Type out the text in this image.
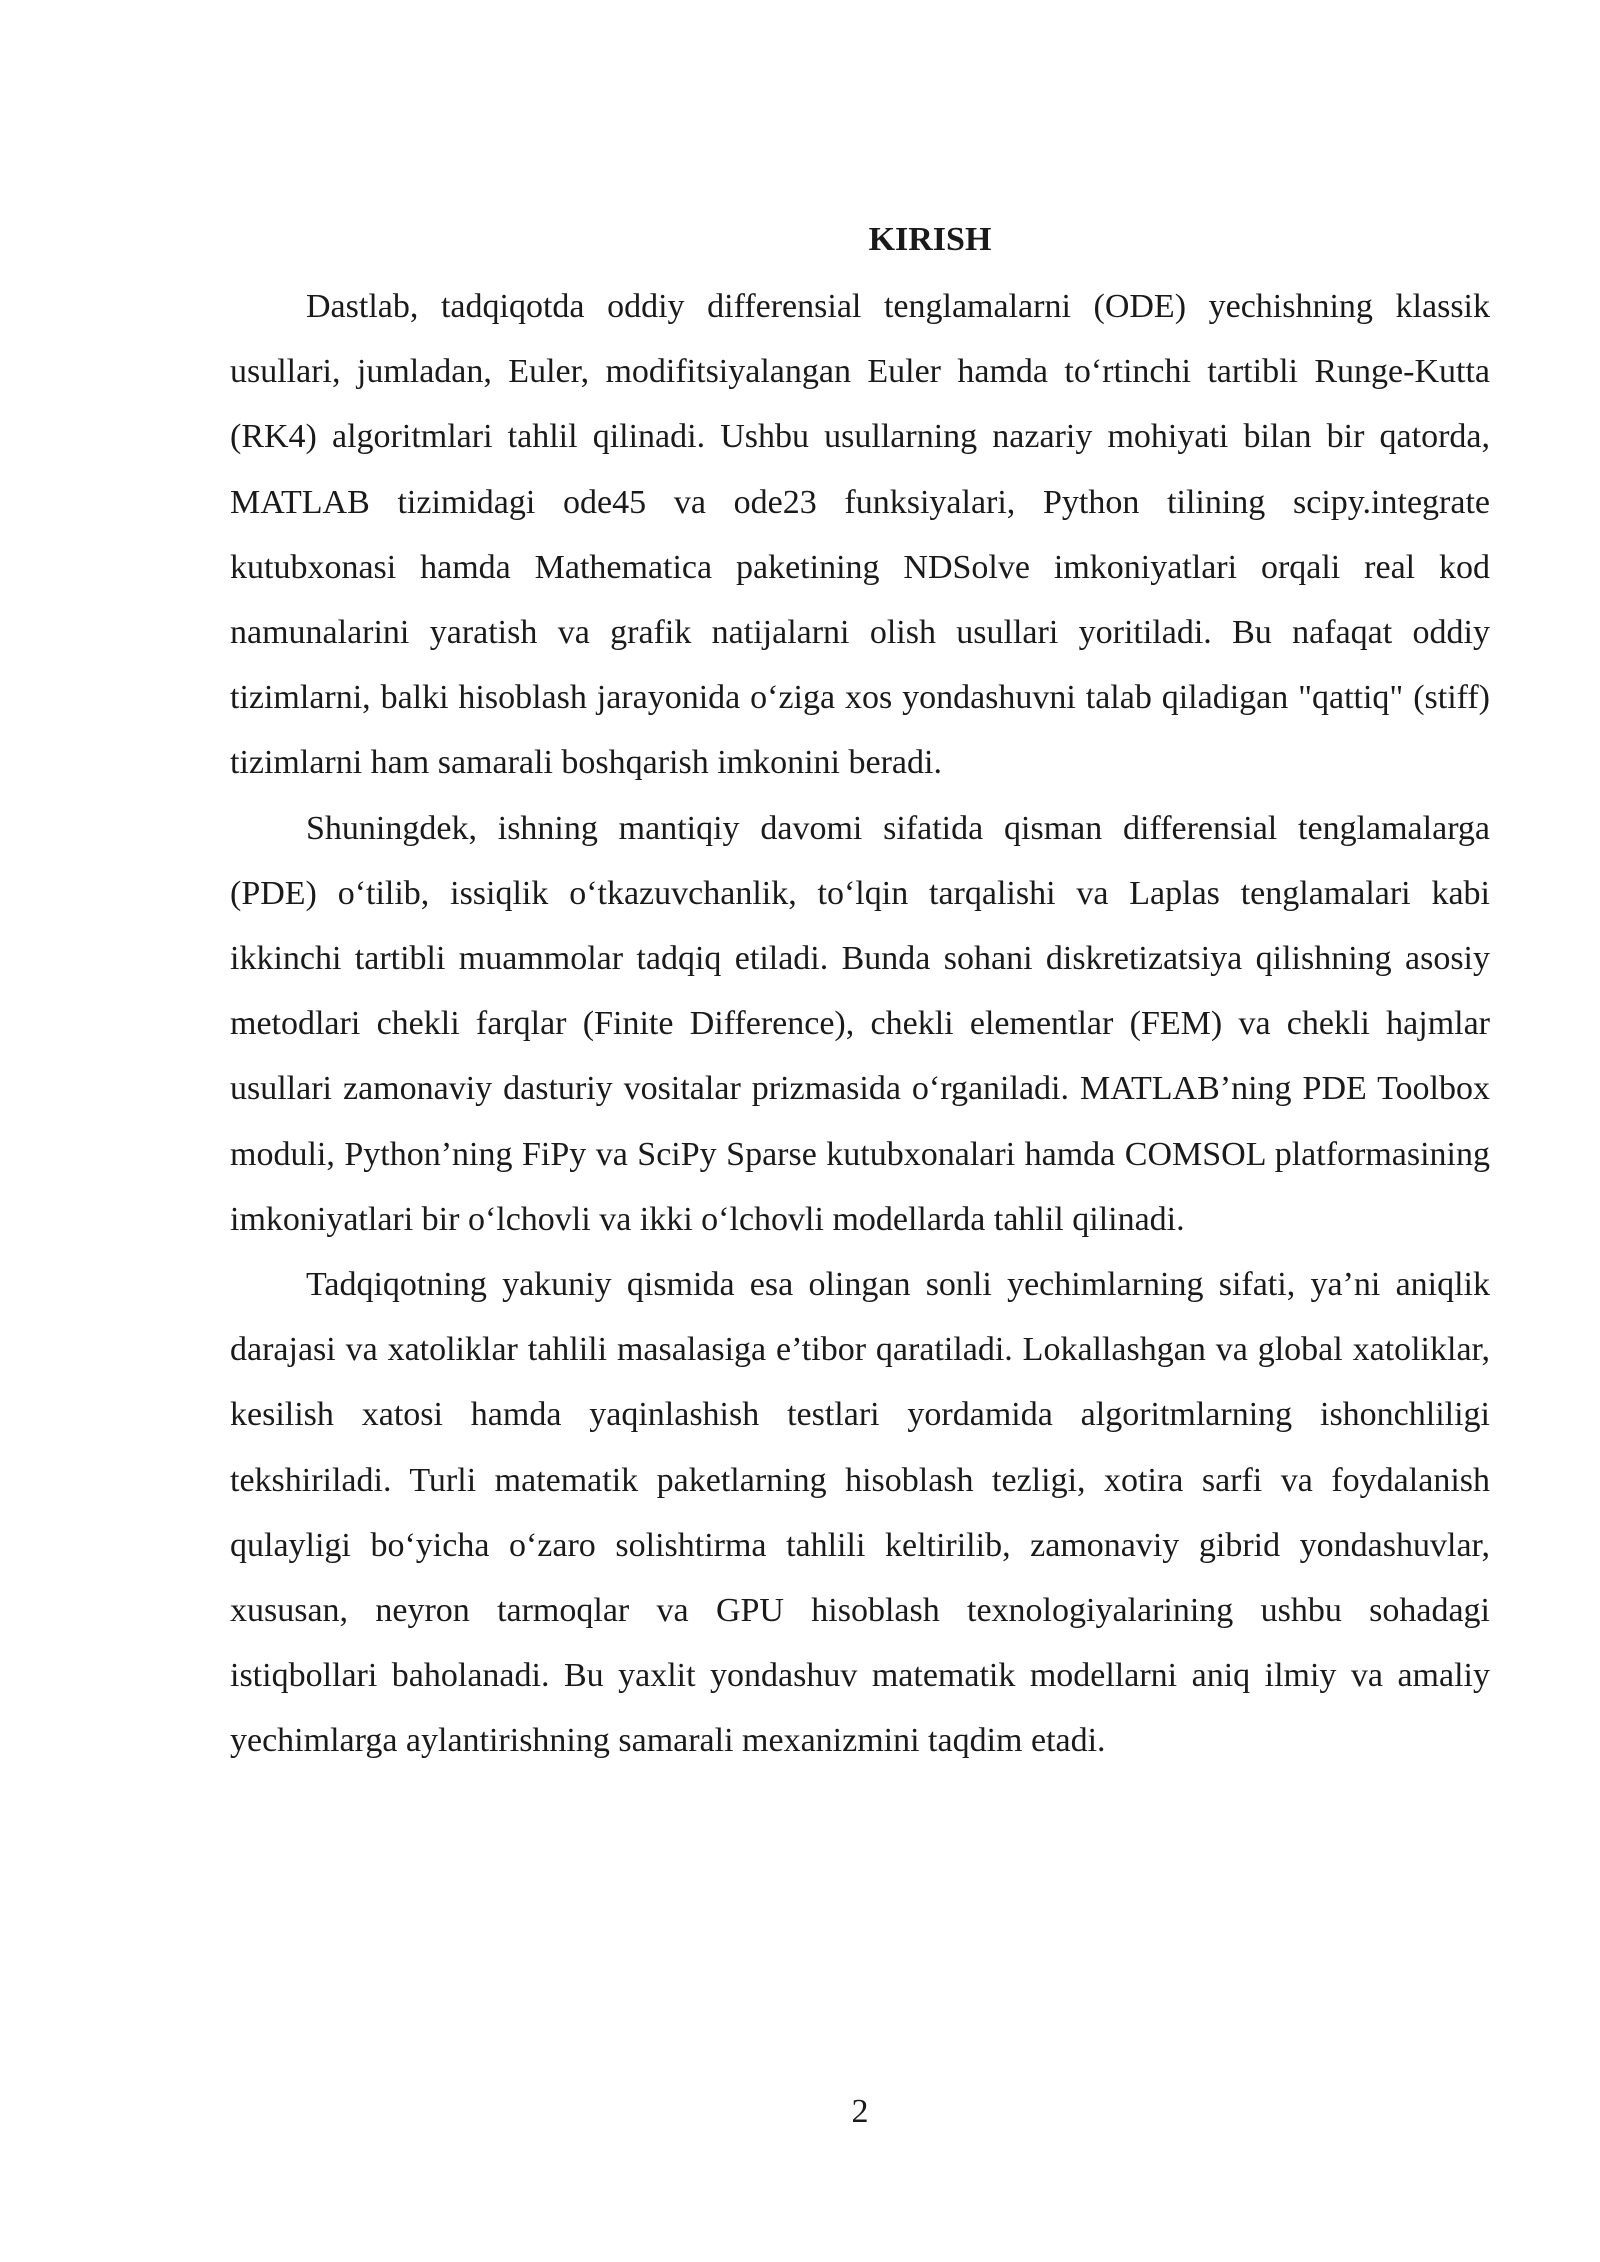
KIRISH

Dastlab, tadqiqotda oddiy differensial tenglamalarni (ODE) yechishning klassik usullari, jumladan, Euler, modifitsiyalangan Euler hamda to‘rtinchi tartibli Runge-Kutta (RK4) algoritmlari tahlil qilinadi. Ushbu usullarning nazariy mohiyati bilan bir qatorda, MATLAB tizimidagi ode45 va ode23 funksiyalari, Python tilining scipy.integrate kutubxonasi hamda Mathematica paketining NDSolve imkoniyatlari orqali real kod namunalarini yaratish va grafik natijalarni olish usullari yoritiladi. Bu nafaqat oddiy tizimlarni, balki hisoblash jarayonida o‘ziga xos yondashuvni talab qiladigan "qattiq" (stiff) tizimlarni ham samarali boshqarish imkonini beradi.

Shuningdek, ishning mantiqiy davomi sifatida qisman differensial tenglamalarga (PDE) o‘tilib, issiqlik o‘tkazuvchanlik, to‘lqin tarqalishi va Laplas tenglamalari kabi ikkinchi tartibli muammolar tadqiq etiladi. Bunda sohani diskretizatsiya qilishning asosiy metodlari chekli farqlar (Finite Difference), chekli elementlar (FEM) va chekli hajmlar usullari zamonaviy dasturiy vositalar prizmasida o‘rganiladi. MATLAB’ning PDE Toolbox moduli, Python’ning FiPy va SciPy Sparse kutubxonalari hamda COMSOL platformasining imkoniyatlari bir o‘lchovli va ikki o‘lchovli modellarda tahlil qilinadi.

Tadqiqotning yakuniy qismida esa olingan sonli yechimlarning sifati, ya’ni aniqlik darajasi va xatoliklar tahlili masalasiga e’tibor qaratiladi. Lokallashgan va global xatoliklar, kesilish xatosi hamda yaqinlashish testlari yordamida algoritmlarning ishonchliligi tekshiriladi. Turli matematik paketlarning hisoblash tezligi, xotira sarfi va foydalanish qulayligi bo‘yicha o‘zaro solishtirma tahlili keltirilib, zamonaviy gibrid yondashuvlar, xususan, neyron tarmoqlar va GPU hisoblash texnologiyalarining ushbu sohadagi istiqbollari baholanadi. Bu yaxlit yondashuv matematik modellarni aniq ilmiy va amaliy yechimlarga aylantirishning samarali mexanizmini taqdim etadi.

2
